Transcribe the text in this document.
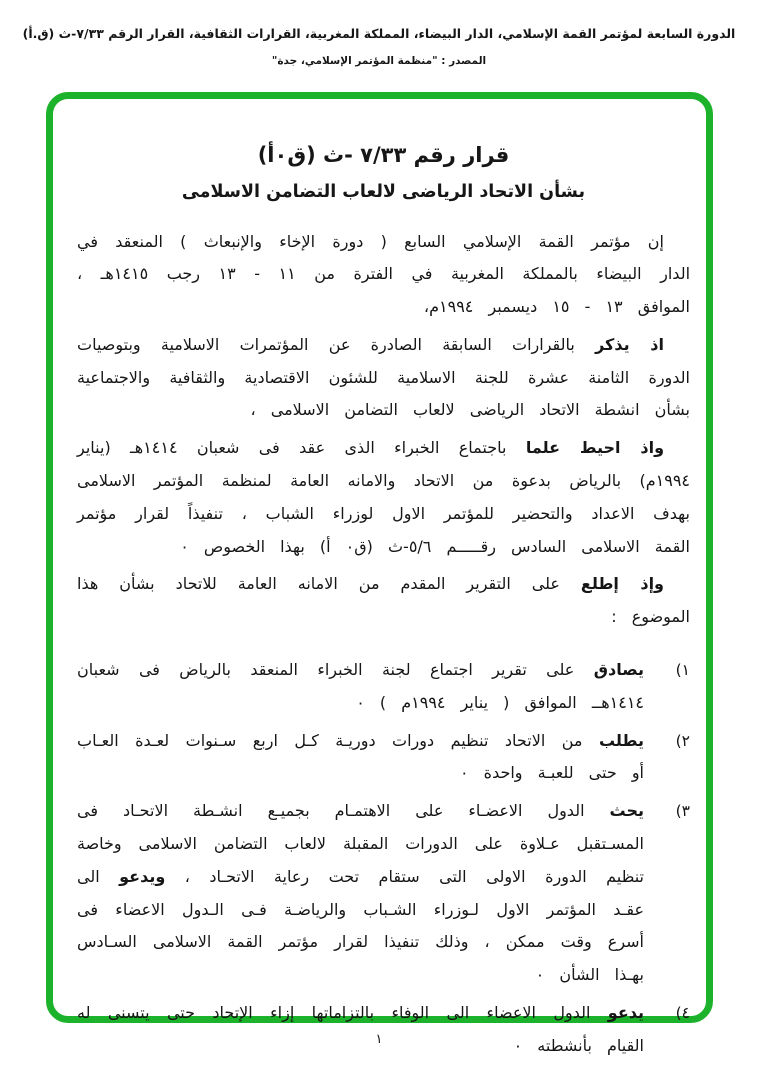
الدورة السابعة لمؤتمر القمة الإسلامي، الدار البيضاء، المملكة المغربية، القرارات الثقافية، القرار الرقم ٧/٣٣-ث (ق.أ)
المصدر : "منظمة المؤتمر الإسلامي، جدة"
قرار رقم ٧/٣٣ -ث (ق٠أ)
بشأن الاتحاد الرياضى لالعاب التضامن الاسلامى

إن مؤتمر القمة الإسلامي السابع ( دورة الإخاء والإنبعاث ) المنعقد في الدار البيضاء بالمملكة المغربية في الفترة من ١١ - ١٣ رجب ١٤١٥هـ ، الموافق ١٣ - ١٥ ديسمبر ١٩٩٤م،

اذ يذكر بالقرارات السابقة الصادرة عن المؤتمرات الاسلامية وبتوصيات الدورة الثامنة عشرة للجنة الاسلامية للشئون الاقتصادية والثقافية والاجتماعية بشأن انشطة الاتحاد الرياضى لالعاب التضامن الاسلامى ،

واذ احيط علما باجتماع الخبراء الذى عقد فى شعبان ١٤١٤هـ (يناير ١٩٩٤م) بالرياض بدعوة من الاتحاد والامانه العامة لمنظمة المؤتمر الاسلامى بهدف الاعداد والتحضير للمؤتمر الاول لوزراء الشباب ، تنفيذاً لقرار مؤتمر القمة الاسلامى السادس رقـــــم ٥/٦-ث (ق٠ أ) بهذا الخصوص ٠

وإذ إطلع على التقرير المقدم من الامانه العامة للاتحاد بشأن هذا الموضوع :

١)
يصادق على تقرير اجتماع لجنة الخبراء المنعقد بالرياض فى شعبان ١٤١٤هــ الموافق ( يناير ١٩٩٤م ) ٠
٢)
يطلب من الاتحاد تنظيم دورات دوريـة كـل اربع سـنوات لعـدة العـاب أو حتى للعبـة واحدة ٠
٣)
يحث الدول الاعضـاء على الاهتمـام بجميـع انشـطة الاتحـاد فى المسـتقبل عـلاوة على الدورات المقبلة لالعاب التضامن الاسلامى وخاصة تنظيم الدورة الاولى التى ستقام تحت رعاية الاتحـاد ، ويدعو الى عقـد المؤتمر الاول لـوزراء الشـباب والرياضـة فـى الـدول الاعضاء فى أسرع وقت ممكن ، وذلك تنفيذا لقرار مؤتمر القمة الاسلامى السـادس بهـذا الشأن ٠
٤)
يدعو الدول الاعضاء الى الوفاء بالتزاماتها إزاء الإتحاد حتى يتسنى له القيام بأنشطته ٠
١
